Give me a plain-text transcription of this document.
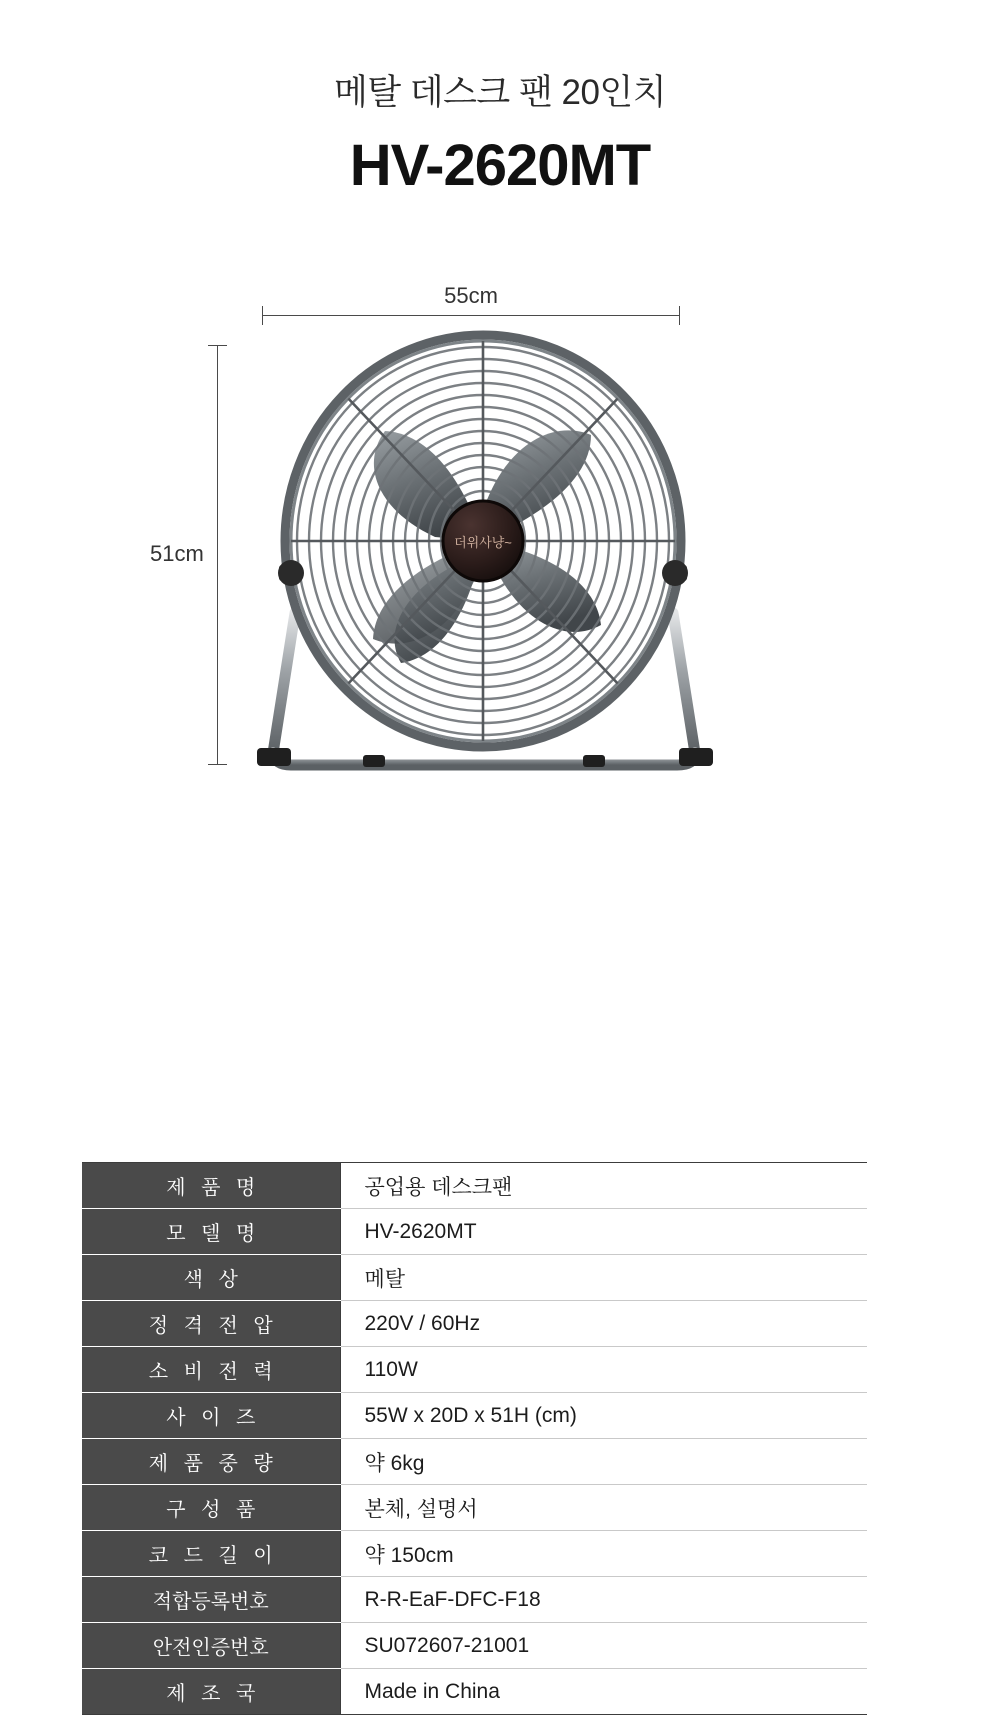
메탈 데스크 팬 20인치
HV-2620MT
55cm
51cm	더위사냥~
제 품 명	공업용 데스크팬
모 델 명	HV-2620MT
색 상	메탈
정 격 전 압	220V / 60Hz
소 비 전 력	110W
사 이 즈	55W x 20D x 51H (cm)
제 품 중 량	약 6kg
구 성 품	본체, 설명서
코 드 길 이	약 150cm
적합등록번호	R-R-EaF-DFC-F18
안전인증번호	SU072607-21001
제 조 국	Made in China
